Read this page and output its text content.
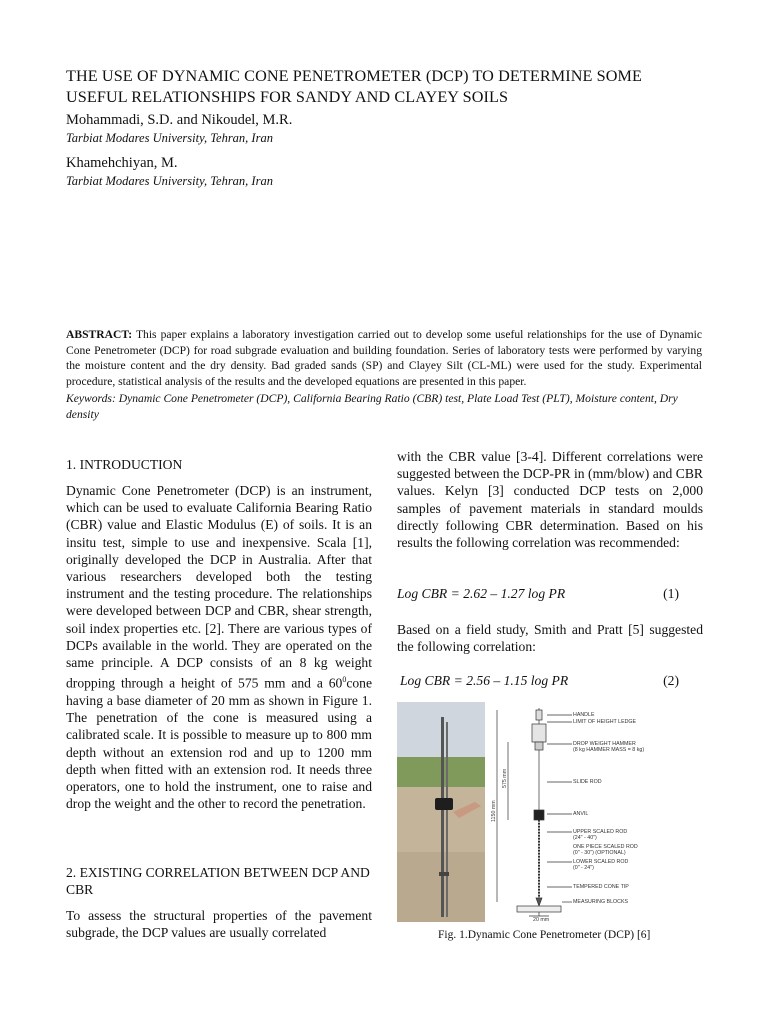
THE USE OF DYNAMIC CONE PENETROMETER (DCP) TO DETERMINE SOME
USEFUL RELATIONSHIPS FOR SANDY AND CLAYEY SOILS
Mohammadi, S.D. and Nikoudel, M.R.
Tarbiat Modares University, Tehran, Iran
Khamehchiyan, M.
Tarbiat Modares University, Tehran, Iran
ABSTRACT: This paper explains a laboratory investigation carried out to develop some useful relationships for the use of Dynamic Cone Penetrometer (DCP) for road subgrade evaluation and building foundation. Series of laboratory tests were performed by varying the moisture content and the dry density. Bad graded sands (SP) and Clayey Silt (CL-ML) were used for the study. Experimental procedure, statistical analysis of the results and the developed equations are presented in this paper.
Keywords: Dynamic Cone Penetrometer (DCP), California Bearing Ratio (CBR) test, Plate Load Test (PLT), Moisture content, Dry density
1. INTRODUCTION
Dynamic Cone Penetrometer (DCP) is an instrument, which can be used to evaluate California Bearing Ratio (CBR) value and Elastic Modulus (E) of soils. It is an insitu test, simple to use and inexpensive. Scala [1], originally developed the DCP in Australia. After that various researchers developed both the testing instrument and the testing procedure. The relationships were developed between DCP and CBR, shear strength, soil index properties etc. [2]. There are various types of DCPs available in the world. They are operated on the same principle. A DCP consists of an 8 kg weight dropping through a height of 575 mm and a $60^0cone$ having a base diameter of 20 mm as shown in Figure 1. The penetration of the cone is measured using a calibrated scale. It is possible to measure up to 800 mm depth without an extension rod and up to 1200 mm depth when fitted with an extension rod. It needs three operators, one to hold the instrument, one to raise and drop the weight and the other to record the penetration.
2. EXISTING CORRELATION BETWEEN DCP AND CBR
To assess the structural properties of the pavement subgrade, the DCP values are usually correlated
with the CBR value [3-4]. Different correlations were suggested between the DCP-PR in (mm/blow) and CBR values. Kelyn [3] conducted DCP tests on 2,000 samples of pavement materials in standard moulds directly following CBR determination. Based on his results the following correlation was recommended:
Log CBR = 2.62 – 1.27 log PR	(1)
Based on a field study, Smith and Pratt [5] suggested the following correlation:
Log CBR = 2.56 – 1.15 log PR	(2)
HANDLE
LIMIT OF HEIGHT LEDGE
DROP WEIGHT HAMMER
(8 kg HAMMER MASS = 8 kg)
SLIDE ROD
ANVIL
UPPER SCALED ROD
(24" - 40")
ONE PIECE SCALED ROD
(0" - 30") (OPTIONAL)
LOWER SCALED ROD
(0" - 24")
TEMPERED CONE TIP
MEASURING BLOCKS
575 mm
1150 mm
20 mm
Fig. 1.Dynamic Cone Penetrometer (DCP) [6]
